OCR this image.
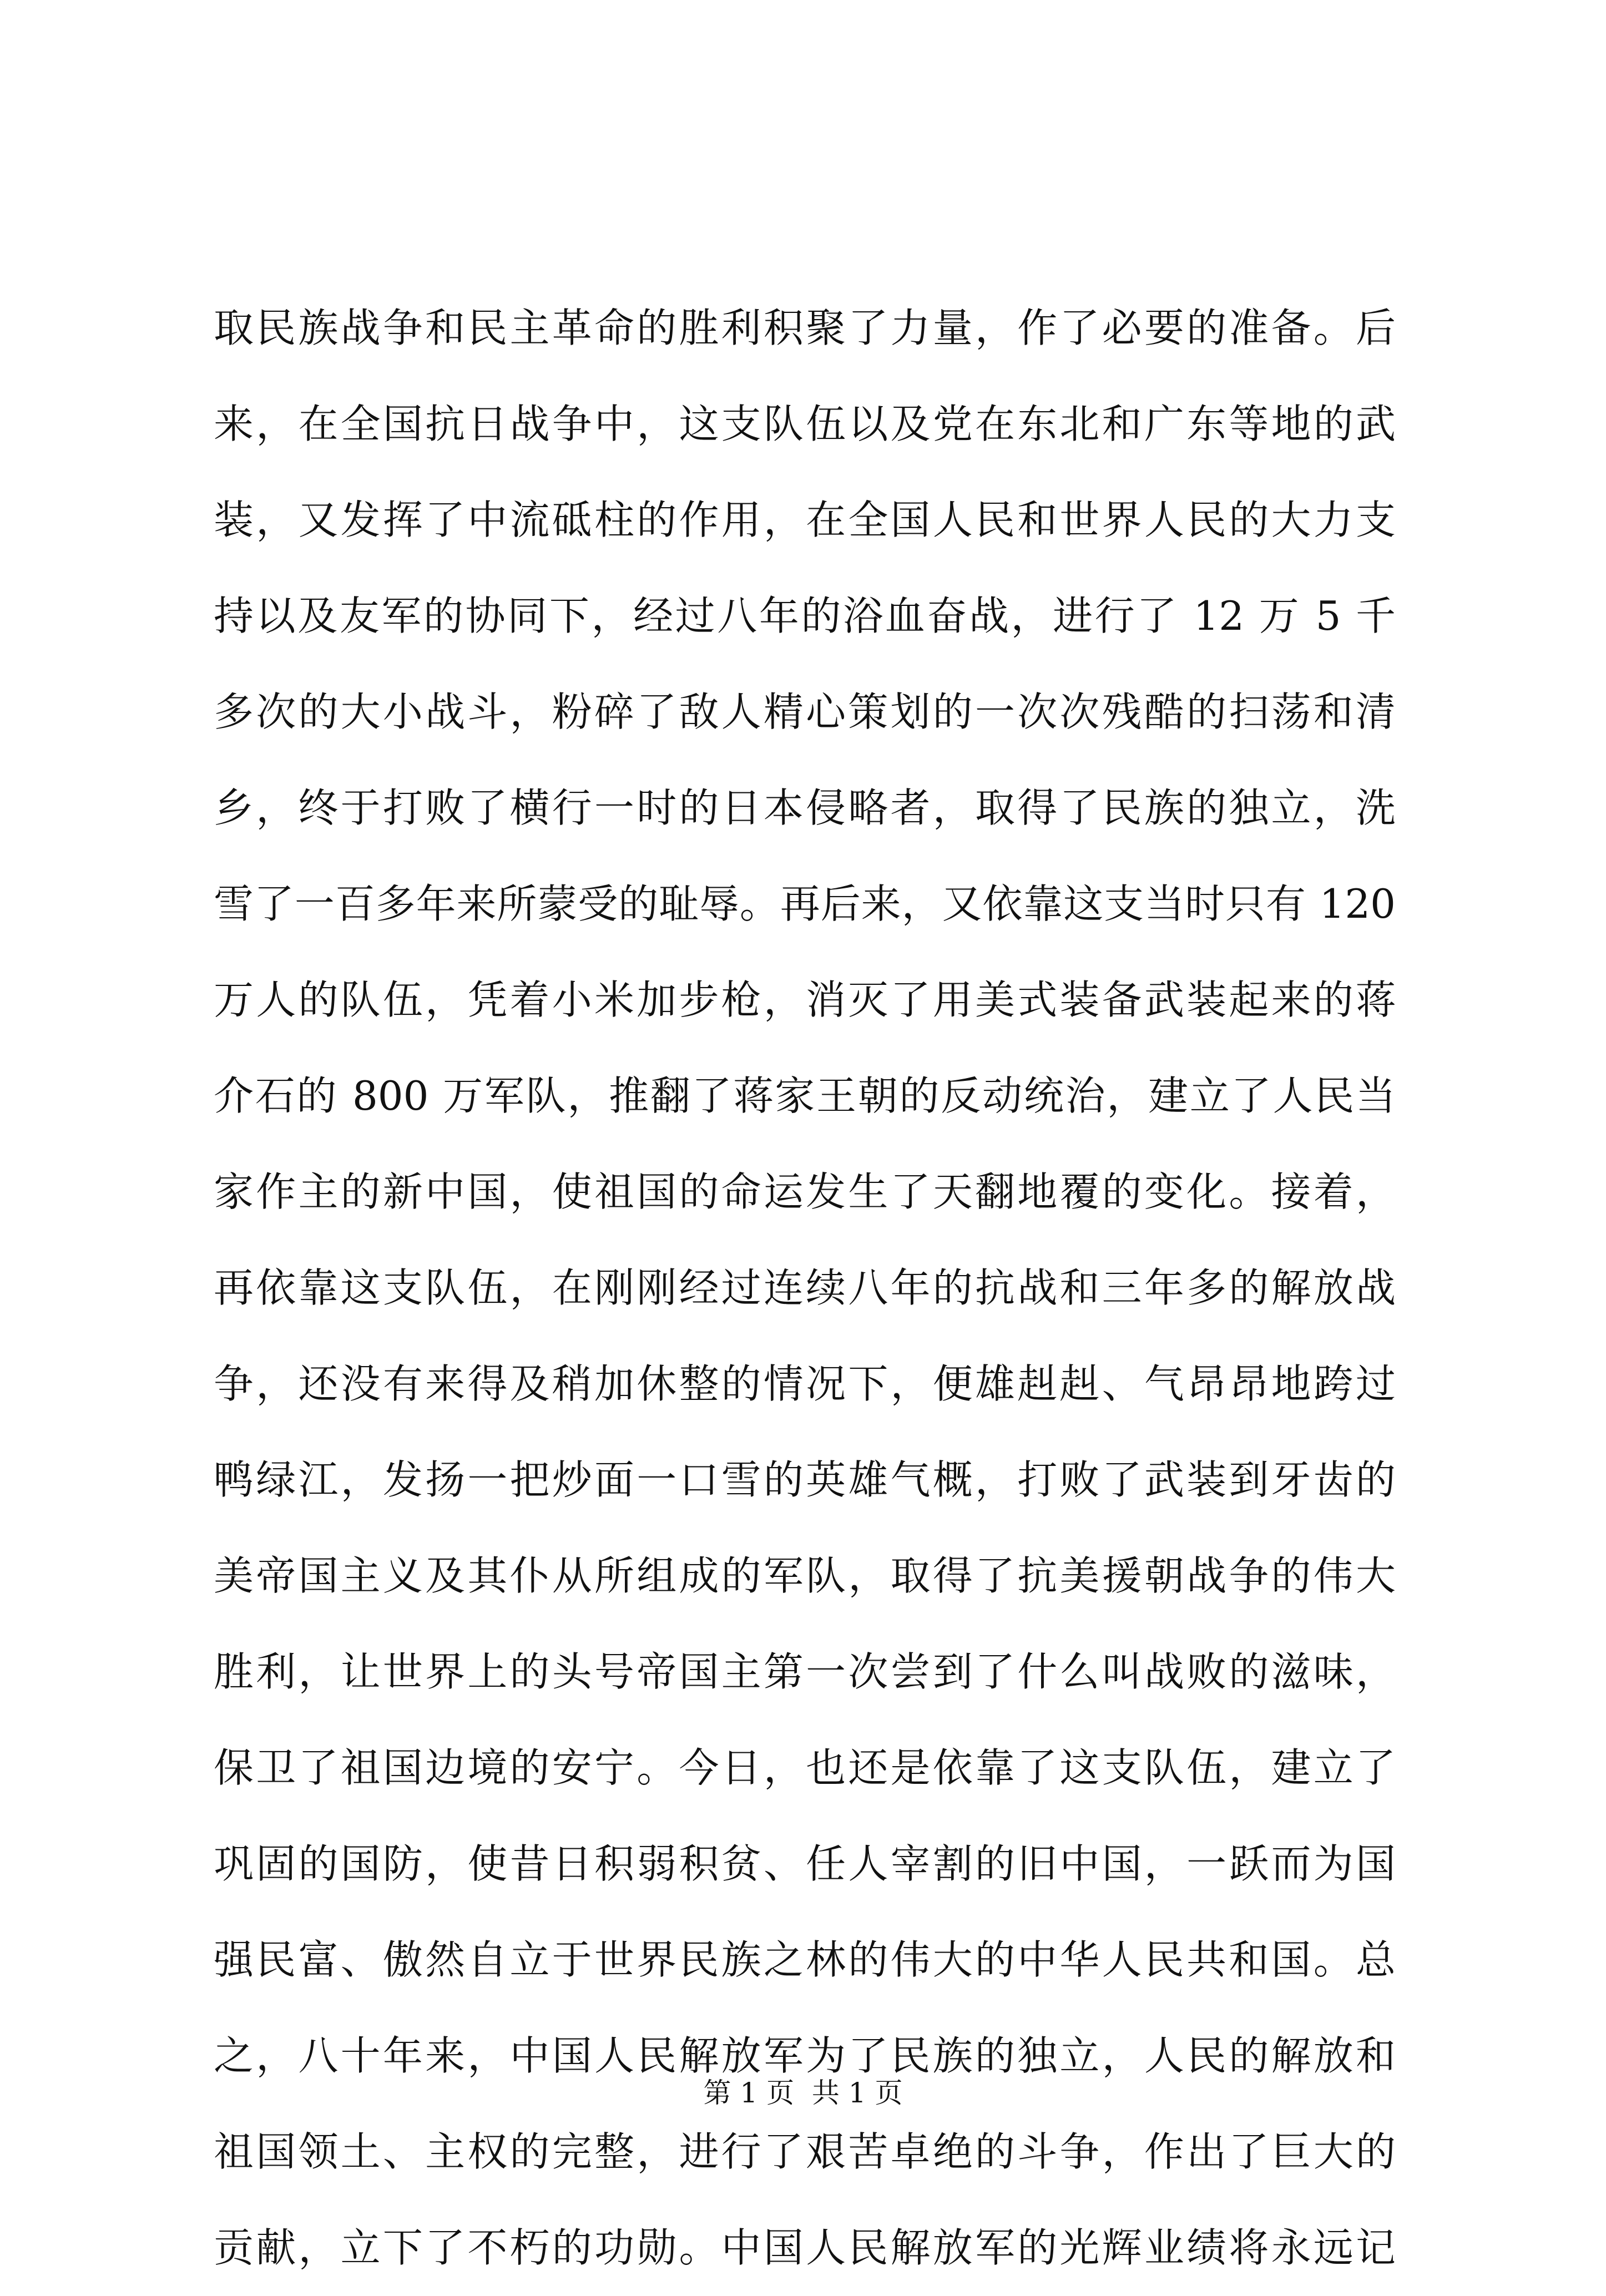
取民族战争和民主革命的胜利积聚了力量，作了必要的准备。后
来，在全国抗日战争中，这支队伍以及党在东北和广东等地的武
装，又发挥了中流砥柱的作用，在全国人民和世界人民的大力支
持以及友军的协同下，经过八年的浴血奋战，进行了 12 万 5 千
多次的大小战斗，粉碎了敌人精心策划的一次次残酷的扫荡和清
乡，终于打败了横行一时的日本侵略者，取得了民族的独立，洗
雪了一百多年来所蒙受的耻辱。再后来，又依靠这支当时只有 120
万人的队伍，凭着小米加步枪，消灭了用美式装备武装起来的蒋
介石的 800 万军队，推翻了蒋家王朝的反动统治，建立了人民当
家作主的新中国，使祖国的命运发生了天翻地覆的变化。接着，
再依靠这支队伍，在刚刚经过连续八年的抗战和三年多的解放战
争，还没有来得及稍加休整的情况下，便雄赳赳、气昂昂地跨过
鸭绿江，发扬一把炒面一口雪的英雄气概，打败了武装到牙齿的
美帝国主义及其仆从所组成的军队，取得了抗美援朝战争的伟大
胜利，让世界上的头号帝国主第一次尝到了什么叫战败的滋味，
保卫了祖国边境的安宁。今日，也还是依靠了这支队伍，建立了
巩固的国防，使昔日积弱积贫、任人宰割的旧中国，一跃而为国
强民富、傲然自立于世界民族之林的伟大的中华人民共和国。总
之，八十年来，中国人民解放军为了民族的独立，人民的解放和
祖国领土、主权的完整，进行了艰苦卓绝的斗争，作出了巨大的
贡献，立下了不朽的功勋。中国人民解放军的光辉业绩将永远记
第 1 页  共 1 页
